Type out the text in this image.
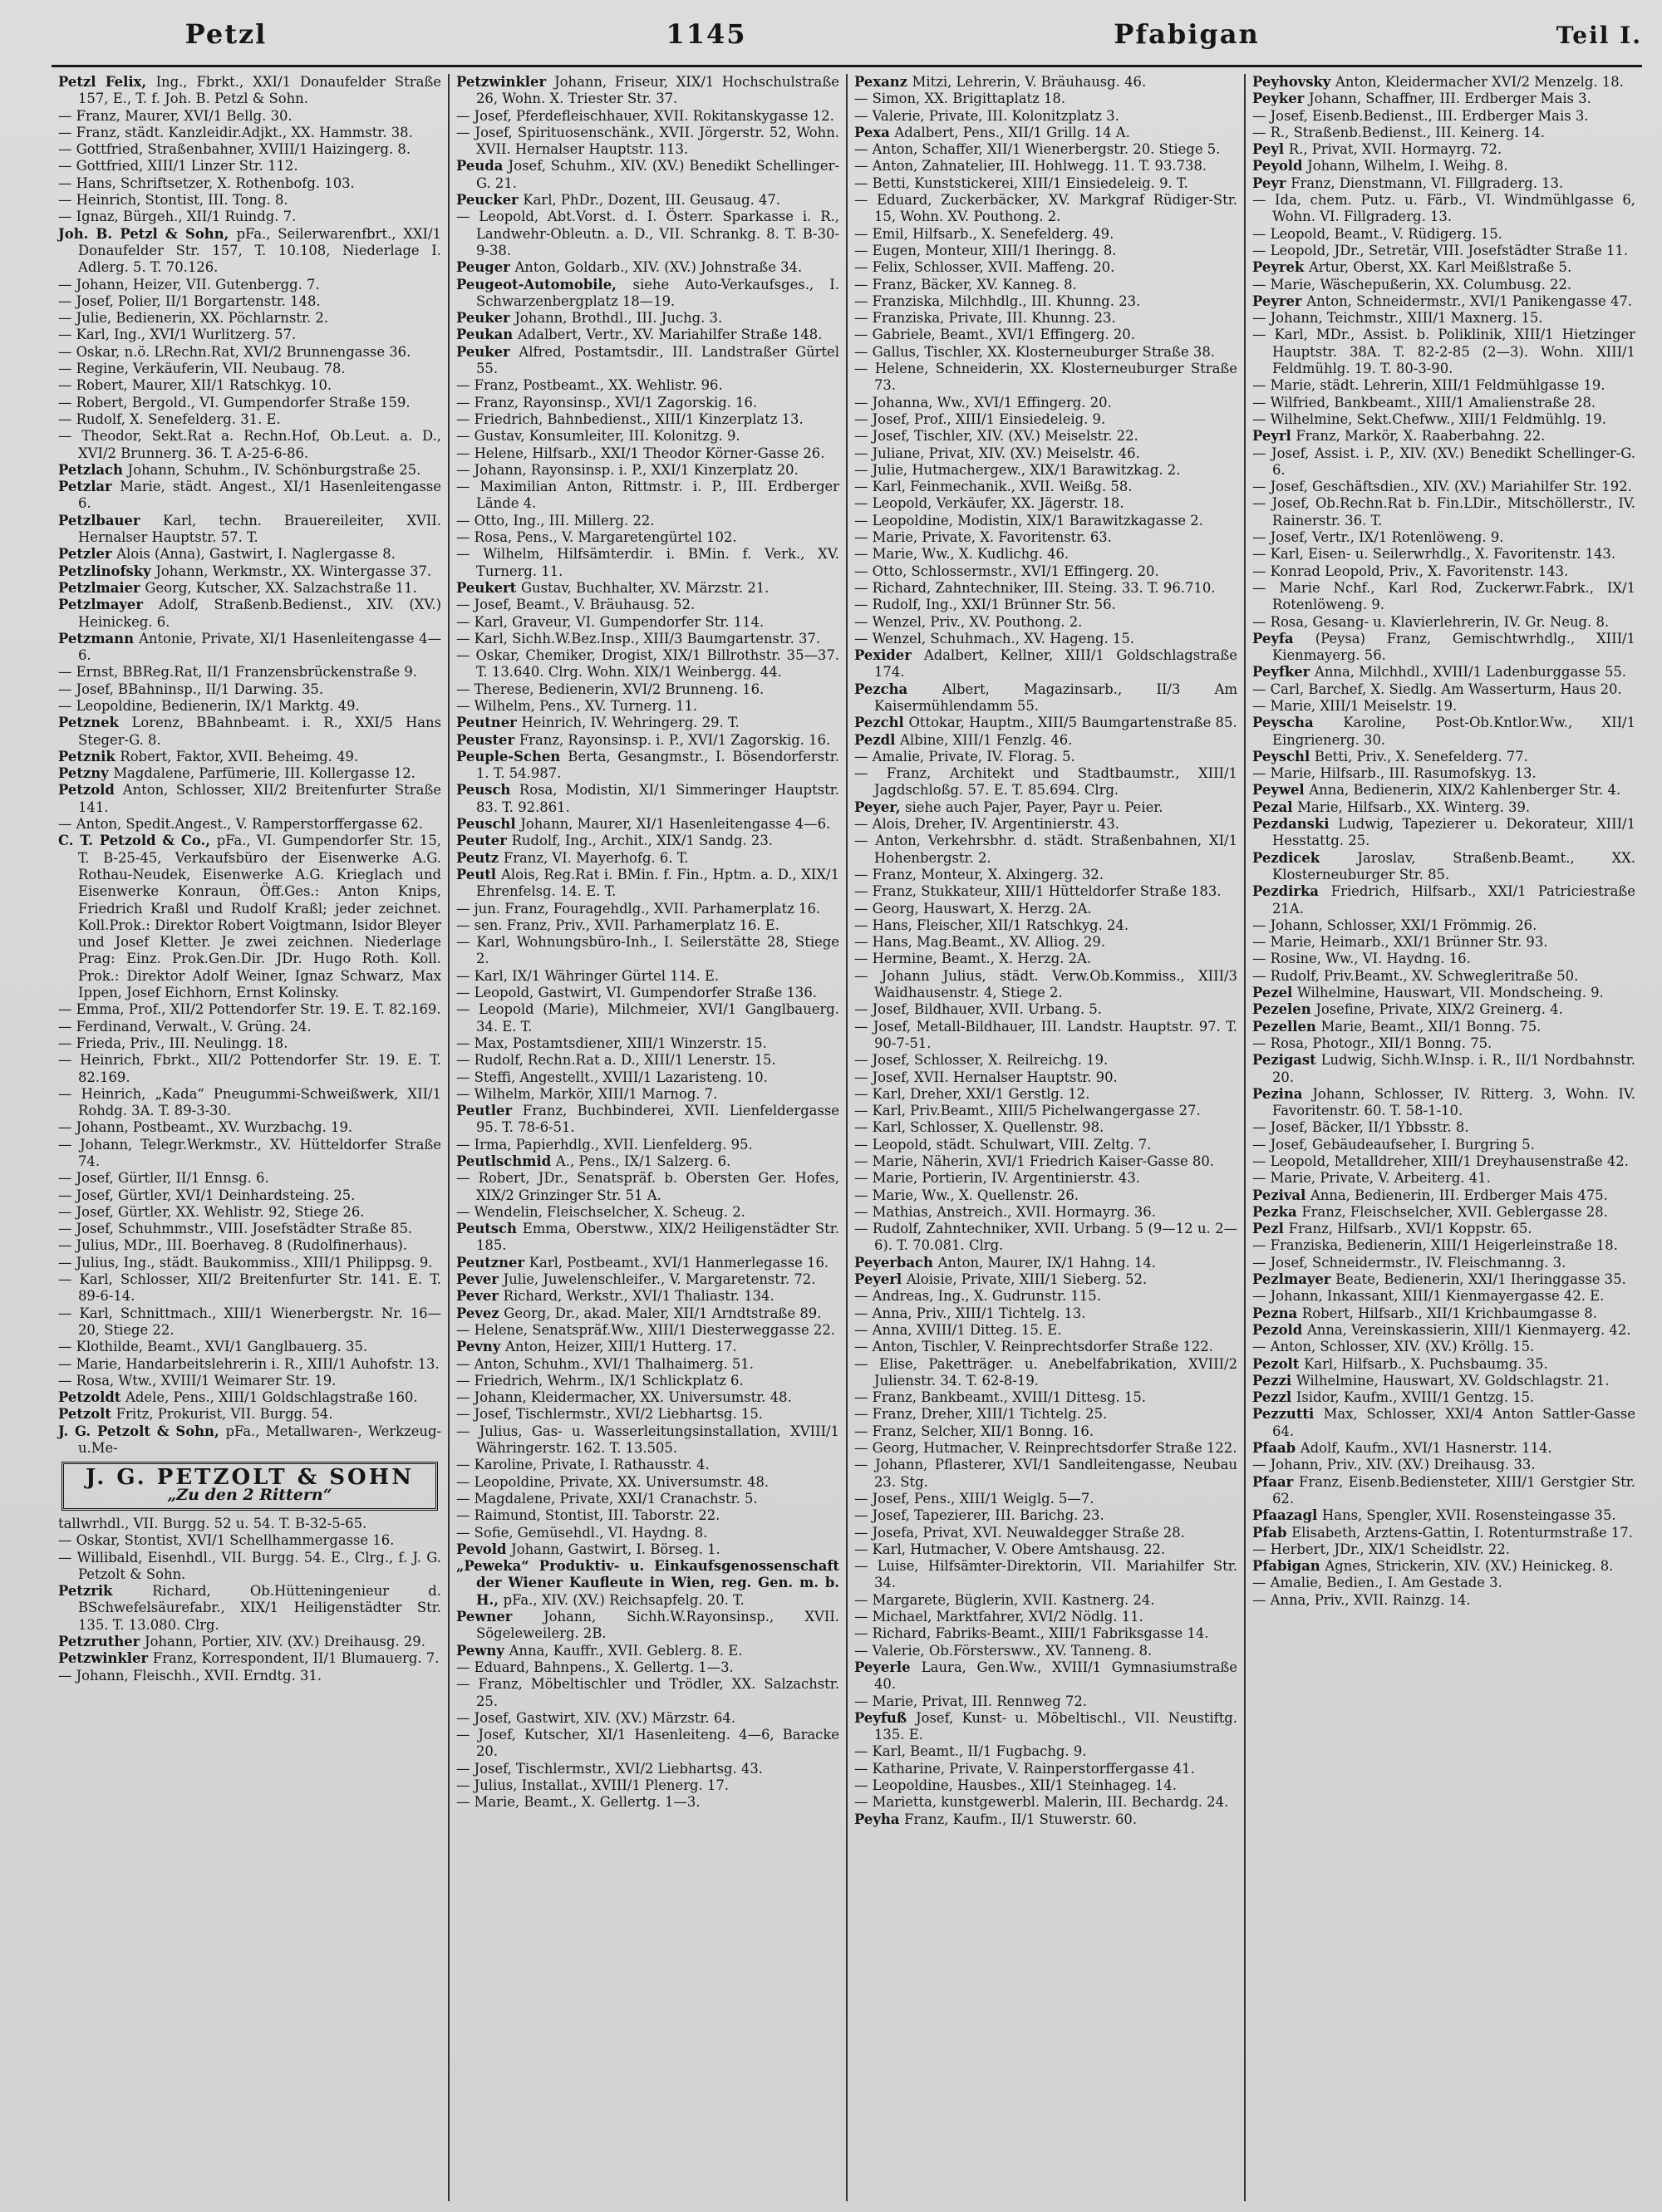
Petzl	1145	Pfabigan	Teil I.

Petzl Felix, Ing., Fbrkt., XXI/1 Donaufelder Straße 157, E., T. f. Joh. B. Petzl & Sohn.

— Franz, Maurer, XVI/1 Bellg. 30.

— Franz, städt. Kanzleidir.Adjkt., XX. Hammstr. 38.

— Gottfried, Straßenbahner, XVIII/1 Haizingerg. 8.

— Gottfried, XIII/1 Linzer Str. 112.

— Hans, Schriftsetzer, X. Rothenbofg. 103.

— Heinrich, Stontist, III. Tong. 8.

— Ignaz, Bürgeh., XII/1 Ruindg. 7.

Joh. B. Petzl & Sohn, pFa., Seilerwarenfbrt., XXI/1 Donaufelder Str. 157, T. 10.108, Niederlage I. Adlerg. 5. T. 70.126.

— Johann, Heizer, VII. Gutenbergg. 7.

— Josef, Polier, II/1 Borgartenstr. 148.

— Julie, Bedienerin, XX. Pöchlarnstr. 2.

— Karl, Ing., XVI/1 Wurlitzerg. 57.

— Oskar, n.ö. LRechn.Rat, XVI/2 Brunnengasse 36.

— Regine, Verkäuferin, VII. Neubaug. 78.

— Robert, Maurer, XII/1 Ratschkyg. 10.

— Robert, Bergold., VI. Gumpendorfer Straße 159.

— Rudolf, X. Senefelderg. 31. E.

— Theodor, Sekt.Rat a. Rechn.Hof, Ob.Leut. a. D., XVI/2 Brunnerg. 36. T. A-25-6-86.

Petzlach Johann, Schuhm., IV. Schönburgstraße 25.

Petzlar Marie, städt. Angest., XI/1 Hasenleitengasse 6.

Petzlbauer Karl, techn. Brauereileiter, XVII. Hernalser Hauptstr. 57. T.

Petzler Alois (Anna), Gastwirt, I. Naglergasse 8.

Petzlinofsky Johann, Werkmstr., XX. Wintergasse 37.

Petzlmaier Georg, Kutscher, XX. Salzachstraße 11.

Petzlmayer Adolf, Straßenb.Bedienst., XIV. (XV.) Heinickeg. 6.

Petzmann Antonie, Private, XI/1 Hasenleitengasse 4—6.

— Ernst, BBReg.Rat, II/1 Franzensbrückenstraße 9.

— Josef, BBahninsp., II/1 Darwing. 35.

— Leopoldine, Bedienerin, IX/1 Marktg. 49.

Petznek Lorenz, BBahnbeamt. i. R., XXI/5 Hans Steger-G. 8.

Petznik Robert, Faktor, XVII. Beheimg. 49.

Petzny Magdalene, Parfümerie, III. Kollergasse 12.

Petzold Anton, Schlosser, XII/2 Breitenfurter Straße 141.

— Anton, Spedit.Angest., V. Ramperstorffergasse 62.

C. T. Petzold & Co., pFa., VI. Gumpendorfer Str. 15, T. B-25-45, Verkaufsbüro der Eisenwerke A.G. Rothau-Neudek, Eisenwerke A.G. Krieglach und Eisenwerke Konraun, Öff.Ges.: Anton Knips, Friedrich Kraßl und Rudolf Kraßl; jeder zeichnet. Koll.Prok.: Direktor Robert Voigtmann, Isidor Bleyer und Josef Kletter. Je zwei zeichnen. Niederlage Prag: Einz. Prok.Gen.Dir. JDr. Hugo Roth. Koll. Prok.: Direktor Adolf Weiner, Ignaz Schwarz, Max Ippen, Josef Eichhorn, Ernst Kolinsky.

— Emma, Prof., XII/2 Pottendorfer Str. 19. E. T. 82.169.

— Ferdinand, Verwalt., V. Grüng. 24.

— Frieda, Priv., III. Neulingg. 18.

— Heinrich, Fbrkt., XII/2 Pottendorfer Str. 19. E. T. 82.169.

— Heinrich, „Kada“ Pneugummi-Schweißwerk, XII/1 Rohdg. 3A. T. 89-3-30.

— Johann, Postbeamt., XV. Wurzbachg. 19.

— Johann, Telegr.Werkmstr., XV. Hütteldorfer Straße 74.

— Josef, Gürtler, II/1 Ennsg. 6.

— Josef, Gürtler, XVI/1 Deinhardsteing. 25.

— Josef, Gürtler, XX. Wehlistr. 92, Stiege 26.

— Josef, Schuhmmstr., VIII. Josefstädter Straße 85.

— Julius, MDr., III. Boerhaveg. 8 (Rudolfinerhaus).

— Julius, Ing., städt. Baukommiss., XIII/1 Philippsg. 9.

— Karl, Schlosser, XII/2 Breitenfurter Str. 141. E. T. 89-6-14.

— Karl, Schnittmach., XIII/1 Wienerbergstr. Nr. 16—20, Stiege 22.

— Klothilde, Beamt., XVI/1 Ganglbauerg. 35.

— Marie, Handarbeitslehrerin i. R., XIII/1 Auhofstr. 13.

— Rosa, Wtw., XVIII/1 Weimarer Str. 19.

Petzoldt Adele, Pens., XIII/1 Goldschlagstraße 160.

Petzolt Fritz, Prokurist, VII. Burgg. 54.

J. G. Petzolt & Sohn, pFa., Metallwaren-, Werkzeug-u.Me-

J. G. PETZOLT & SOHN
„Zu den 2 Rittern“

tallwrhdl., VII. Burgg. 52 u. 54. T. B-32-5-65.

— Oskar, Stontist, XVI/1 Schellhammergasse 16.

— Willibald, Eisenhdl., VII. Burgg. 54. E., Clrg., f. J. G. Petzolt & Sohn.

Petzrik Richard, Ob.Hütteningenieur d. BSchwefelsäurefabr., XIX/1 Heiligenstädter Str. 135. T. 13.080. Clrg.

Petzruther Johann, Portier, XIV. (XV.) Dreihausg. 29.

Petzwinkler Franz, Korrespondent, II/1 Blumauerg. 7.

— Johann, Fleischh., XVII. Erndtg. 31.

Petzwinkler Johann, Friseur, XIX/1 Hochschulstraße 26, Wohn. X. Triester Str. 37.

— Josef, Pferdefleischhauer, XVII. Rokitanskygasse 12.

— Josef, Spirituosenschänk., XVII. Jörgerstr. 52, Wohn. XVII. Hernalser Hauptstr. 113.

Peuda Josef, Schuhm., XIV. (XV.) Benedikt Schellinger-G. 21.

Peucker Karl, PhDr., Dozent, III. Geusaug. 47.

— Leopold, Abt.Vorst. d. I. Österr. Sparkasse i. R., Landwehr-Obleutn. a. D., VII. Schrankg. 8. T. B-30-9-38.

Peuger Anton, Goldarb., XIV. (XV.) Johnstraße 34.

Peugeot-Automobile, siehe Auto-Verkaufsges., I. Schwarzenbergplatz 18—19.

Peuker Johann, Brothdl., III. Juchg. 3.

Peukan Adalbert, Vertr., XV. Mariahilfer Straße 148.

Peuker Alfred, Postamtsdir., III. Landstraßer Gürtel 55.

— Franz, Postbeamt., XX. Wehlistr. 96.

— Franz, Rayonsinsp., XVI/1 Zagorskig. 16.

— Friedrich, Bahnbedienst., XIII/1 Kinzerplatz 13.

— Gustav, Konsumleiter, III. Kolonitzg. 9.

— Helene, Hilfsarb., XXI/1 Theodor Körner-Gasse 26.

— Johann, Rayonsinsp. i. P., XXI/1 Kinzerplatz 20.

— Maximilian Anton, Rittmstr. i. P., III. Erdberger Lände 4.

— Otto, Ing., III. Millerg. 22.

— Rosa, Pens., V. Margaretengürtel 102.

— Wilhelm, Hilfsämterdir. i. BMin. f. Verk., XV. Turnerg. 11.

Peukert Gustav, Buchhalter, XV. Märzstr. 21.

— Josef, Beamt., V. Bräuhausg. 52.

— Karl, Graveur, VI. Gumpendorfer Str. 114.

— Karl, Sichh.W.Bez.Insp., XIII/3 Baumgartenstr. 37.

— Oskar, Chemiker, Drogist, XIX/1 Billrothstr. 35—37. T. 13.640. Clrg. Wohn. XIX/1 Weinbergg. 44.

— Therese, Bedienerin, XVI/2 Brunneng. 16.

— Wilhelm, Pens., XV. Turnerg. 11.

Peutner Heinrich, IV. Wehringerg. 29. T.

Peuster Franz, Rayonsinsp. i. P., XVI/1 Zagorskig. 16.

Peuple-Schen Berta, Gesangmstr., I. Bösendorferstr. 1. T. 54.987.

Peusch Rosa, Modistin, XI/1 Simmeringer Hauptstr. 83. T. 92.861.

Peuschl Johann, Maurer, XI/1 Hasenleitengasse 4—6.

Peuter Rudolf, Ing., Archit., XIX/1 Sandg. 23.

Peutz Franz, VI. Mayerhofg. 6. T.

Peutl Alois, Reg.Rat i. BMin. f. Fin., Hptm. a. D., XIX/1 Ehrenfelsg. 14. E. T.

— jun. Franz, Fouragehdlg., XVII. Parhamerplatz 16.

— sen. Franz, Priv., XVII. Parhamerplatz 16. E.

— Karl, Wohnungsbüro-Inh., I. Seilerstätte 28, Stiege 2.

— Karl, IX/1 Währinger Gürtel 114. E.

— Leopold, Gastwirt, VI. Gumpendorfer Straße 136.

— Leopold (Marie), Milchmeier, XVI/1 Ganglbauerg. 34. E. T.

— Max, Postamtsdiener, XIII/1 Winzerstr. 15.

— Rudolf, Rechn.Rat a. D., XIII/1 Lenerstr. 15.

— Steffi, Angestellt., XVIII/1 Lazaristeng. 10.

— Wilhelm, Markör, XIII/1 Marnog. 7.

Peutler Franz, Buchbinderei, XVII. Lienfeldergasse 95. T. 78-6-51.

— Irma, Papierhdlg., XVII. Lienfelderg. 95.

Peutlschmid A., Pens., IX/1 Salzerg. 6.

— Robert, JDr., Senatspräf. b. Obersten Ger. Hofes, XIX/2 Grinzinger Str. 51 A.

— Wendelin, Fleischselcher, X. Scheug. 2.

Peutsch Emma, Oberstww., XIX/2 Heiligenstädter Str. 185.

Peutzner Karl, Postbeamt., XVI/1 Hanmerlegasse 16.

Pever Julie, Juwelenschleifer., V. Margaretenstr. 72.

Pever Richard, Werkstr., XVI/1 Thaliastr. 134.

Pevez Georg, Dr., akad. Maler, XII/1 Arndtstraße 89.

— Helene, Senatspräf.Ww., XIII/1 Diesterweggasse 22.

Pevny Anton, Heizer, XIII/1 Hutterg. 17.

— Anton, Schuhm., XVI/1 Thalhaimerg. 51.

— Friedrich, Wehrm., IX/1 Schlickplatz 6.

— Johann, Kleidermacher, XX. Universumstr. 48.

— Josef, Tischlermstr., XVI/2 Liebhartsg. 15.

— Julius, Gas- u. Wasserleitungsinstallation, XVIII/1 Währingerstr. 162. T. 13.505.

— Karoline, Private, I. Rathausstr. 4.

— Leopoldine, Private, XX. Universumstr. 48.

— Magdalene, Private, XXI/1 Cranachstr. 5.

— Raimund, Stontist, III. Taborstr. 22.

— Sofie, Gemüsehdl., VI. Haydng. 8.

Pevold Johann, Gastwirt, I. Börseg. 1.

„Peweka“ Produktiv- u. Einkaufsgenossenschaft der Wiener Kaufleute in Wien, reg. Gen. m. b. H., pFa., XIV. (XV.) Reichsapfelg. 20. T.

Pewner Johann, Sichh.W.Rayonsinsp., XVII. Sögeleweilerg. 2B.

Pewny Anna, Kauffr., XVII. Geblerg. 8. E.

— Eduard, Bahnpens., X. Gellertg. 1—3.

— Franz, Möbeltischler und Trödler, XX. Salzachstr. 25.

— Josef, Gastwirt, XIV. (XV.) Märzstr. 64.

— Josef, Kutscher, XI/1 Hasenleiteng. 4—6, Baracke 20.

— Josef, Tischlermstr., XVI/2 Liebhartsg. 43.

— Julius, Installat., XVIII/1 Plenerg. 17.

— Marie, Beamt., X. Gellertg. 1—3.

Pexanz Mitzi, Lehrerin, V. Bräuhausg. 46.

— Simon, XX. Brigittaplatz 18.

— Valerie, Private, III. Kolonitzplatz 3.

Pexa Adalbert, Pens., XII/1 Grillg. 14 A.

— Anton, Schaffer, XII/1 Wienerbergstr. 20. Stiege 5.

— Anton, Zahnatelier, III. Hohlwegg. 11. T. 93.738.

— Betti, Kunststickerei, XIII/1 Einsiedeleig. 9. T.

— Eduard, Zuckerbäcker, XV. Markgraf Rüdiger-Str. 15, Wohn. XV. Pouthong. 2.

— Emil, Hilfsarb., X. Senefelderg. 49.

— Eugen, Monteur, XIII/1 Iheringg. 8.

— Felix, Schlosser, XVII. Maffeng. 20.

— Franz, Bäcker, XV. Kanneg. 8.

— Franziska, Milchhdlg., III. Khunng. 23.

— Franziska, Private, III. Khunng. 23.

— Gabriele, Beamt., XVI/1 Effingerg. 20.

— Gallus, Tischler, XX. Klosterneuburger Straße 38.

— Helene, Schneiderin, XX. Klosterneuburger Straße 73.

— Johanna, Ww., XVI/1 Effingerg. 20.

— Josef, Prof., XIII/1 Einsiedeleig. 9.

— Josef, Tischler, XIV. (XV.) Meiselstr. 22.

— Juliane, Privat, XIV. (XV.) Meiselstr. 46.

— Julie, Hutmachergew., XIX/1 Barawitzkag. 2.

— Karl, Feinmechanik., XVII. Weißg. 58.

— Leopold, Verkäufer, XX. Jägerstr. 18.

— Leopoldine, Modistin, XIX/1 Barawitzkagasse 2.

— Marie, Private, X. Favoritenstr. 63.

— Marie, Ww., X. Kudlichg. 46.

— Otto, Schlossermstr., XVI/1 Effingerg. 20.

— Richard, Zahntechniker, III. Steing. 33. T. 96.710.

— Rudolf, Ing., XXI/1 Brünner Str. 56.

— Wenzel, Priv., XV. Pouthong. 2.

— Wenzel, Schuhmach., XV. Hageng. 15.

Pexider Adalbert, Kellner, XIII/1 Goldschlagstraße 174.

Pezcha Albert, Magazinsarb., II/3 Am Kaisermühlendamm 55.

Pezchl Ottokar, Hauptm., XIII/5 Baumgartenstraße 85.

Pezdl Albine, XIII/1 Fenzlg. 46.

— Amalie, Private, IV. Florag. 5.

— Franz, Architekt und Stadtbaumstr., XIII/1 Jagdschloßg. 57. E. T. 85.694. Clrg.

Peyer, siehe auch Pajer, Payer, Payr u. Peier.

— Alois, Dreher, IV. Argentinierstr. 43.

— Anton, Verkehrsbhr. d. städt. Straßenbahnen, XI/1 Hohenbergstr. 2.

— Franz, Monteur, X. Alxingerg. 32.

— Franz, Stukkateur, XIII/1 Hütteldorfer Straße 183.

— Georg, Hauswart, X. Herzg. 2A.

— Hans, Fleischer, XII/1 Ratschkyg. 24.

— Hans, Mag.Beamt., XV. Alliog. 29.

— Hermine, Beamt., X. Herzg. 2A.

— Johann Julius, städt. Verw.Ob.Kommiss., XIII/3 Waidhausenstr. 4, Stiege 2.

— Josef, Bildhauer, XVII. Urbang. 5.

— Josef, Metall-Bildhauer, III. Landstr. Hauptstr. 97. T. 90-7-51.

— Josef, Schlosser, X. Reilreichg. 19.

— Josef, XVII. Hernalser Hauptstr. 90.

— Karl, Dreher, XXI/1 Gerstlg. 12.

— Karl, Priv.Beamt., XIII/5 Pichelwangergasse 27.

— Karl, Schlosser, X. Quellenstr. 98.

— Leopold, städt. Schulwart, VIII. Zeltg. 7.

— Marie, Näherin, XVI/1 Friedrich Kaiser-Gasse 80.

— Marie, Portierin, IV. Argentinierstr. 43.

— Marie, Ww., X. Quellenstr. 26.

— Mathias, Anstreich., XVII. Hormayrg. 36.

— Rudolf, Zahntechniker, XVII. Urbang. 5 (9—12 u. 2—6). T. 70.081. Clrg.

Peyerbach Anton, Maurer, IX/1 Hahng. 14.

Peyerl Aloisie, Private, XIII/1 Sieberg. 52.

— Andreas, Ing., X. Gudrunstr. 115.

— Anna, Priv., XIII/1 Tichtelg. 13.

— Anna, XVIII/1 Ditteg. 15. E.

— Anton, Tischler, V. Reinprechtsdorfer Straße 122.

— Elise, Paketträger. u. Anebelfabrikation, XVIII/2 Julienstr. 34. T. 62-8-19.

— Franz, Bankbeamt., XVIII/1 Dittesg. 15.

— Franz, Dreher, XIII/1 Tichtelg. 25.

— Franz, Selcher, XII/1 Bonng. 16.

— Georg, Hutmacher, V. Reinprechtsdorfer Straße 122.

— Johann, Pflasterer, XVI/1 Sandleitengasse, Neubau 23. Stg.

— Josef, Pens., XIII/1 Weiglg. 5—7.

— Josef, Tapezierer, III. Barichg. 23.

— Josefa, Privat, XVI. Neuwaldegger Straße 28.

— Karl, Hutmacher, V. Obere Amtshausg. 22.

— Luise, Hilfsämter-Direktorin, VII. Mariahilfer Str. 34.

— Margarete, Büglerin, XVII. Kastnerg. 24.

— Michael, Marktfahrer, XVI/2 Nödlg. 11.

— Richard, Fabriks-Beamt., XIII/1 Fabriksgasse 14.

— Valerie, Ob.Förstersww., XV. Tanneng. 8.

Peyerle Laura, Gen.Ww., XVIII/1 Gymnasiumstraße 40.

— Marie, Privat, III. Rennweg 72.

Peyfuß Josef, Kunst- u. Möbeltischl., VII. Neustiftg. 135. E.

— Karl, Beamt., II/1 Fugbachg. 9.

— Katharine, Private, V. Rainperstorffergasse 41.

— Leopoldine, Hausbes., XII/1 Steinhageg. 14.

— Marietta, kunstgewerbl. Malerin, III. Bechardg. 24.

Peyha Franz, Kaufm., II/1 Stuwerstr. 60.

Peyhovsky Anton, Kleidermacher XVI/2 Menzelg. 18.

Peyker Johann, Schaffner, III. Erdberger Mais 3.

— Josef, Eisenb.Bedienst., III. Erdberger Mais 3.

— R., Straßenb.Bedienst., III. Keinerg. 14.

Peyl R., Privat, XVII. Hormayrg. 72.

Peyold Johann, Wilhelm, I. Weihg. 8.

Peyr Franz, Dienstmann, VI. Fillgraderg. 13.

— Ida, chem. Putz. u. Färb., VI. Windmühlgasse 6, Wohn. VI. Fillgraderg. 13.

— Leopold, Beamt., V. Rüdigerg. 15.

— Leopold, JDr., Setretär, VIII. Josefstädter Straße 11.

Peyrek Artur, Oberst, XX. Karl Meißlstraße 5.

— Marie, Wäschepußerin, XX. Columbusg. 22.

Peyrer Anton, Schneidermstr., XVI/1 Panikengasse 47.

— Johann, Teichmstr., XIII/1 Maxnerg. 15.

— Karl, MDr., Assist. b. Poliklinik, XIII/1 Hietzinger Hauptstr. 38A. T. 82-2-85 (2—3). Wohn. XIII/1 Feldmühlg. 19. T. 80-3-90.

— Marie, städt. Lehrerin, XIII/1 Feldmühlgasse 19.

— Wilfried, Bankbeamt., XIII/1 Amalienstraße 28.

— Wilhelmine, Sekt.Chefww., XIII/1 Feldmühlg. 19.

Peyrl Franz, Markör, X. Raaberbahng. 22.

— Josef, Assist. i. P., XIV. (XV.) Benedikt Schellinger-G. 6.

— Josef, Geschäftsdien., XIV. (XV.) Mariahilfer Str. 192.

— Josef, Ob.Rechn.Rat b. Fin.LDir., Mitschöllerstr., IV. Rainerstr. 36. T.

— Josef, Vertr., IX/1 Rotenlöweng. 9.

— Karl, Eisen- u. Seilerwrhdlg., X. Favoritenstr. 143.

— Konrad Leopold, Priv., X. Favoritenstr. 143.

— Marie Nchf., Karl Rod, Zuckerwr.Fabrk., IX/1 Rotenlöweng. 9.

— Rosa, Gesang- u. Klavierlehrerin, IV. Gr. Neug. 8.

Peyfa (Peysa) Franz, Gemischtwrhdlg., XIII/1 Kienmayerg. 56.

Peyfker Anna, Milchhdl., XVIII/1 Ladenburggasse 55.

— Carl, Barchef, X. Siedlg. Am Wasserturm, Haus 20.

— Marie, XIII/1 Meiselstr. 19.

Peyscha Karoline, Post-Ob.Kntlor.Ww., XII/1 Eingrienerg. 30.

Peyschl Betti, Priv., X. Senefelderg. 77.

— Marie, Hilfsarb., III. Rasumofskyg. 13.

Peywel Anna, Bedienerin, XIX/2 Kahlenberger Str. 4.

Pezal Marie, Hilfsarb., XX. Winterg. 39.

Pezdanski Ludwig, Tapezierer u. Dekorateur, XIII/1 Hesstattg. 25.

Pezdicek Jaroslav, Straßenb.Beamt., XX. Klosterneuburger Str. 85.

Pezdirka Friedrich, Hilfsarb., XXI/1 Patriciestraße 21A.

— Johann, Schlosser, XXI/1 Frömmig. 26.

— Marie, Heimarb., XXI/1 Brünner Str. 93.

— Rosine, Ww., VI. Haydng. 16.

— Rudolf, Priv.Beamt., XV. Schwegleritraße 50.

Pezel Wilhelmine, Hauswart, VII. Mondscheing. 9.

Pezelen Josefine, Private, XIX/2 Greinerg. 4.

Pezellen Marie, Beamt., XII/1 Bonng. 75.

— Rosa, Photogr., XII/1 Bonng. 75.

Pezigast Ludwig, Sichh.W.Insp. i. R., II/1 Nordbahnstr. 20.

Pezina Johann, Schlosser, IV. Ritterg. 3, Wohn. IV. Favoritenstr. 60. T. 58-1-10.

— Josef, Bäcker, II/1 Ybbsstr. 8.

— Josef, Gebäudeaufseher, I. Burgring 5.

— Leopold, Metalldreher, XIII/1 Dreyhausenstraße 42.

— Marie, Private, V. Arbeiterg. 41.

Pezival Anna, Bedienerin, III. Erdberger Mais 475.

Pezka Franz, Fleischselcher, XVII. Geblergasse 28.

Pezl Franz, Hilfsarb., XVI/1 Koppstr. 65.

— Franziska, Bedienerin, XIII/1 Heigerleinstraße 18.

— Josef, Schneidermstr., IV. Fleischmanng. 3.

Pezlmayer Beate, Bedienerin, XXI/1 Iheringgasse 35.

— Johann, Inkassant, XIII/1 Kienmayergasse 42. E.

Pezna Robert, Hilfsarb., XII/1 Krichbaumgasse 8.

Pezold Anna, Vereinskassierin, XIII/1 Kienmayerg. 42.

— Anton, Schlosser, XIV. (XV.) Kröllg. 15.

Pezolt Karl, Hilfsarb., X. Puchsbaumg. 35.

Pezzi Wilhelmine, Hauswart, XV. Goldschlagstr. 21.

Pezzl Isidor, Kaufm., XVIII/1 Gentzg. 15.

Pezzutti Max, Schlosser, XXI/4 Anton Sattler-Gasse 64.

Pfaab Adolf, Kaufm., XVI/1 Hasnerstr. 114.

— Johann, Priv., XIV. (XV.) Dreihausg. 33.

Pfaar Franz, Eisenb.Bediensteter, XIII/1 Gerstgier Str. 62.

Pfaazagl Hans, Spengler, XVII. Rosensteingasse 35.

Pfab Elisabeth, Arztens-Gattin, I. Rotenturmstraße 17.

— Herbert, JDr., XIX/1 Scheidlstr. 22.

Pfabigan Agnes, Strickerin, XIV. (XV.) Heinickeg. 8.

— Amalie, Bedien., I. Am Gestade 3.

— Anna, Priv., XVII. Rainzg. 14.
